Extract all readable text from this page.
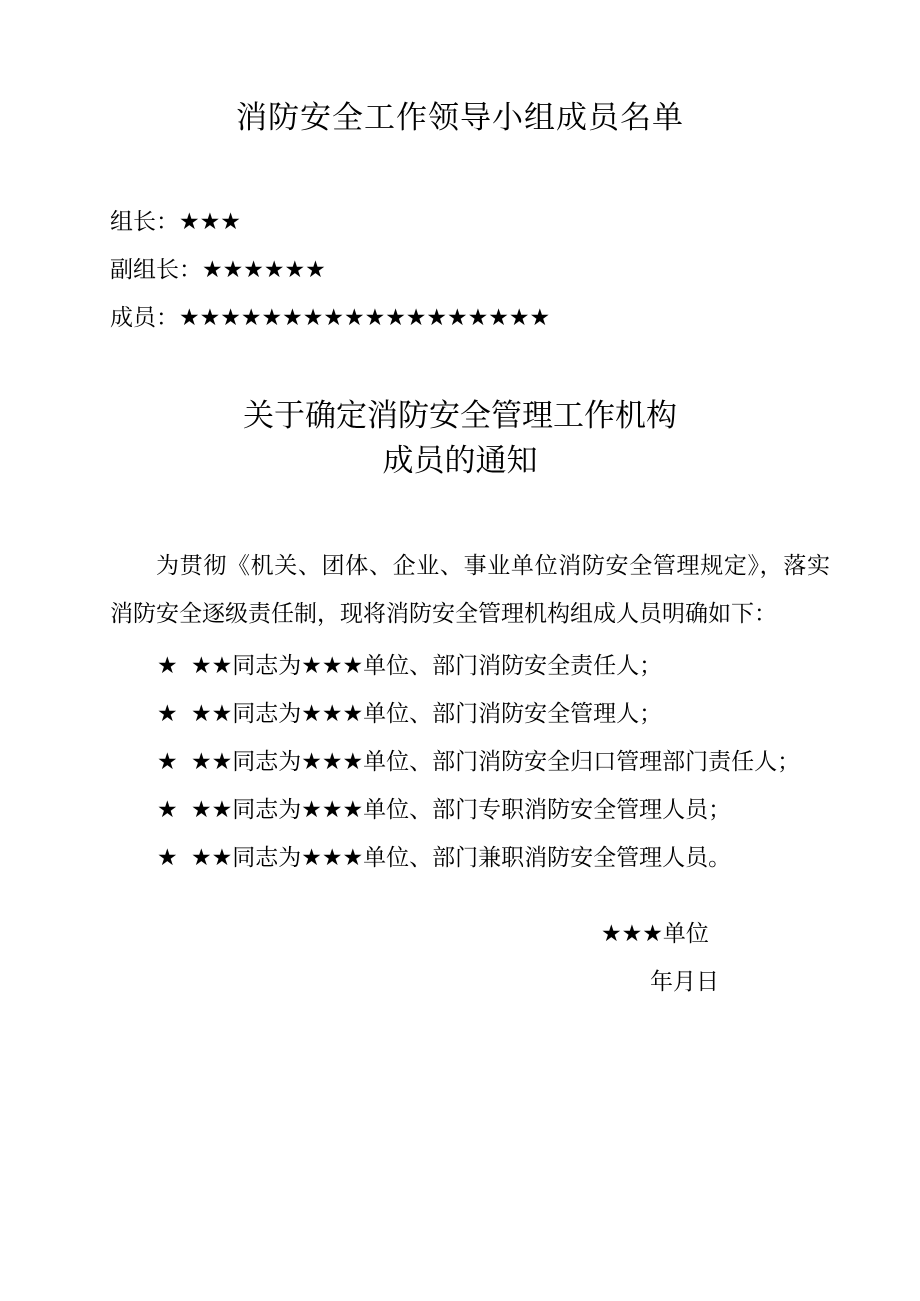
消防安全工作领导小组成员名单
组长：★★★
副组长：★★★★★★
成员：★★★★★★★★★★★★★★★★★★
关于确定消防安全管理工作机构
成员的通知

为贯彻《机关、团体、企业、事业单位消防安全管理规定》，落实消防安全逐级责任制，现将消防安全管理机构组成人员明确如下：

★ ★★同志为★★★单位、部门消防安全责任人；
★ ★★同志为★★★单位、部门消防安全管理人；
★ ★★同志为★★★单位、部门消防安全归口管理部门责任人；
★ ★★同志为★★★单位、部门专职消防安全管理人员；
★ ★★同志为★★★单位、部门兼职消防安全管理人员。
★★★单位
年月日
